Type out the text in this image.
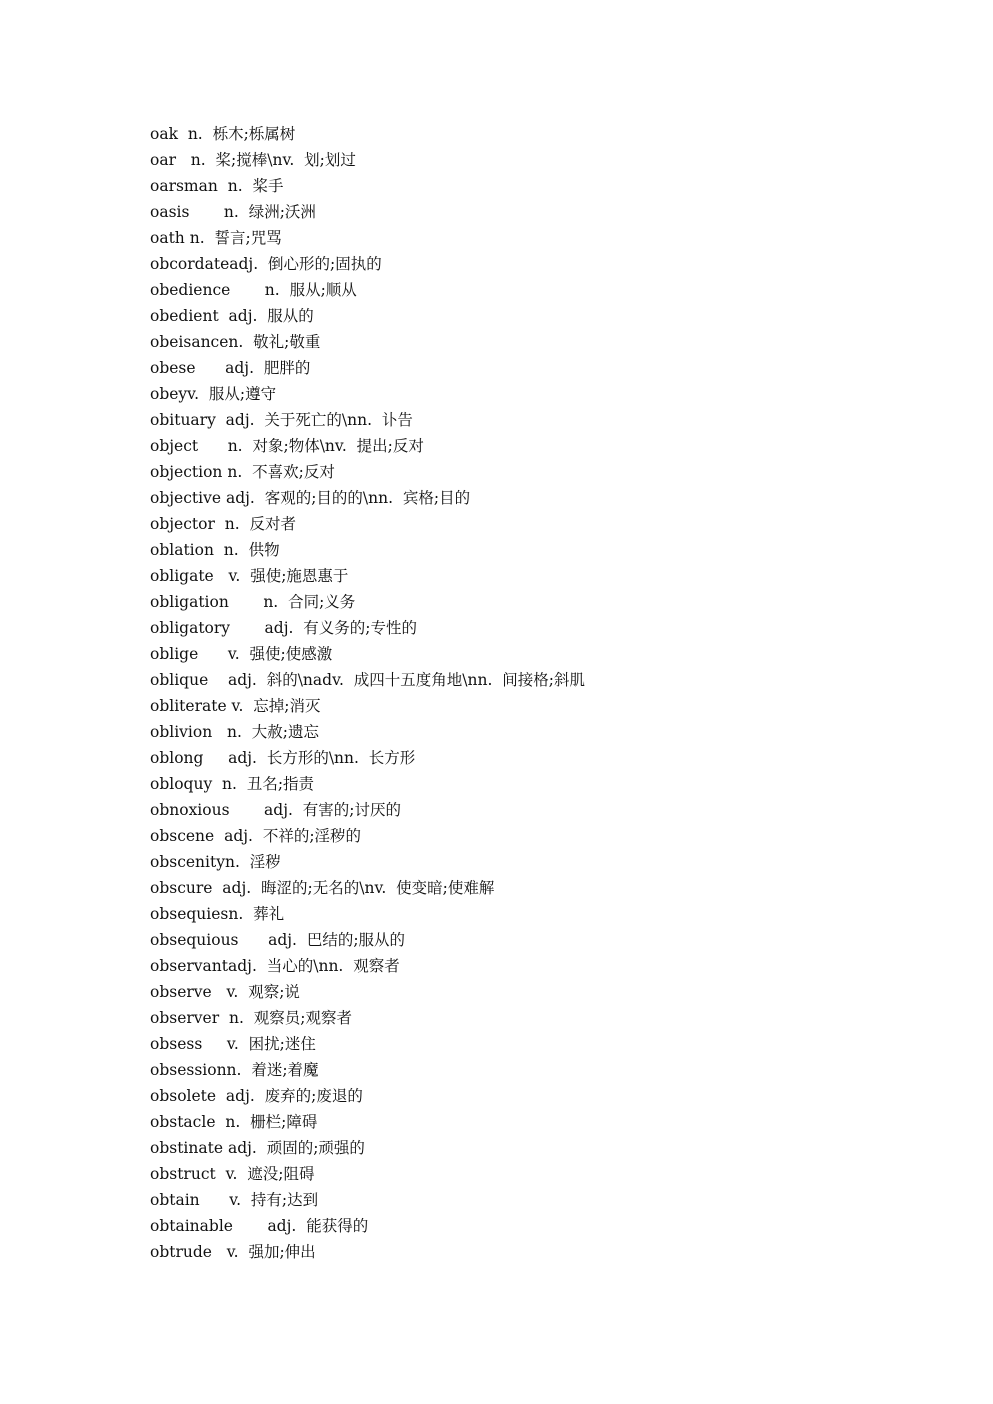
oak  n.  栎木;栎属树
oar   n.  桨;搅棒\nv.  划;划过
oarsman  n.  桨手
oasis       n.  绿洲;沃洲
oath n.  誓言;咒骂
obcordateadj.  倒心形的;固执的
obedience       n.  服从;顺从
obedient  adj.  服从的
obeisancen.  敬礼;敬重
obese      adj.  肥胖的
obeyv.  服从;遵守
obituary  adj.  关于死亡的\nn.  讣告
object      n.  对象;物体\nv.  提出;反对
objection n.  不喜欢;反对
objective adj.  客观的;目的的\nn.  宾格;目的
objector  n.  反对者
oblation  n.  供物
obligate   v.  强使;施恩惠于
obligation       n.  合同;义务
obligatory       adj.  有义务的;专性的
oblige      v.  强使;使感激
oblique    adj.  斜的\nadv.  成四十五度角地\nn.  间接格;斜肌
obliterate v.  忘掉;消灭
oblivion   n.  大赦;遗忘
oblong     adj.  长方形的\nn.  长方形
obloquy  n.  丑名;指责
obnoxious       adj.  有害的;讨厌的
obscene  adj.  不祥的;淫秽的
obscenityn.  淫秽
obscure  adj.  晦涩的;无名的\nv.  使变暗;使难解
obsequiesn.  葬礼
obsequious      adj.  巴结的;服从的
observantadj.  当心的\nn.  观察者
observe   v.  观察;说
observer  n.  观察员;观察者
obsess     v.  困扰;迷住
obsessionn.  着迷;着魔
obsolete  adj.  废弃的;废退的
obstacle  n.  栅栏;障碍
obstinate adj.  顽固的;顽强的
obstruct  v.  遮没;阻碍
obtain      v.  持有;达到
obtainable       adj.  能获得的
obtrude   v.  强加;伸出
